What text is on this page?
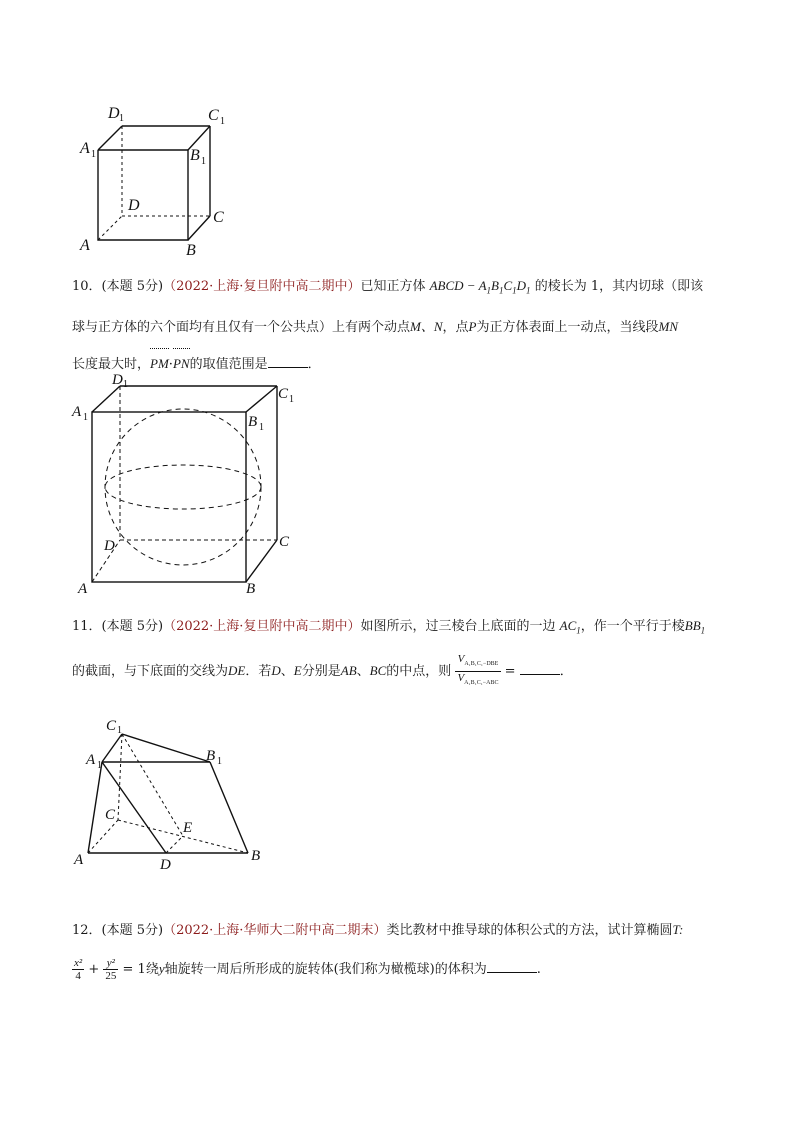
D 1	C 1
A 1	B 1
D
C
A	B

10．(本题 5分)（2022·上海·复旦附中高二期中）已知正方体 ABCD − $A_1B_1C_1D_1$ 的棱长为 1，其内切球（即该

球与正方体的六个面均有且仅有一个公共点）上有两个动点M、N，点P为正方体表面上一动点，当线段MN

长度最大时，PM·PN的取值范围是	．

D 1
C 1
A 1	B 1
D	C
A	B

11．(本题 5分)（2022·上海·复旦附中高二期中）如图所示，过三棱台上底面的一边 $AC_1$，作一个平行于棱$BB_1$

的截面，与下底面的交线为DE．若D、E分别是AB、BC的中点，则 $\frac{V_{A_1B_1C_1-DBE}}{V_{A_1B_1C_1-ABC}}$ =	．

C 1
A 1
B 1
C
E
A	D
B

12．(本题 5分)（2022·上海·华师大二附中高二期末）类比教材中推导球的体积公式的方法，试计算椭圆T:

$\frac{\text{x²}}{4} + \frac{\text{y²}}{25} = 1$绕y轴旋转一周后所形成的旋转体(我们称为橄榄球)的体积为	.
